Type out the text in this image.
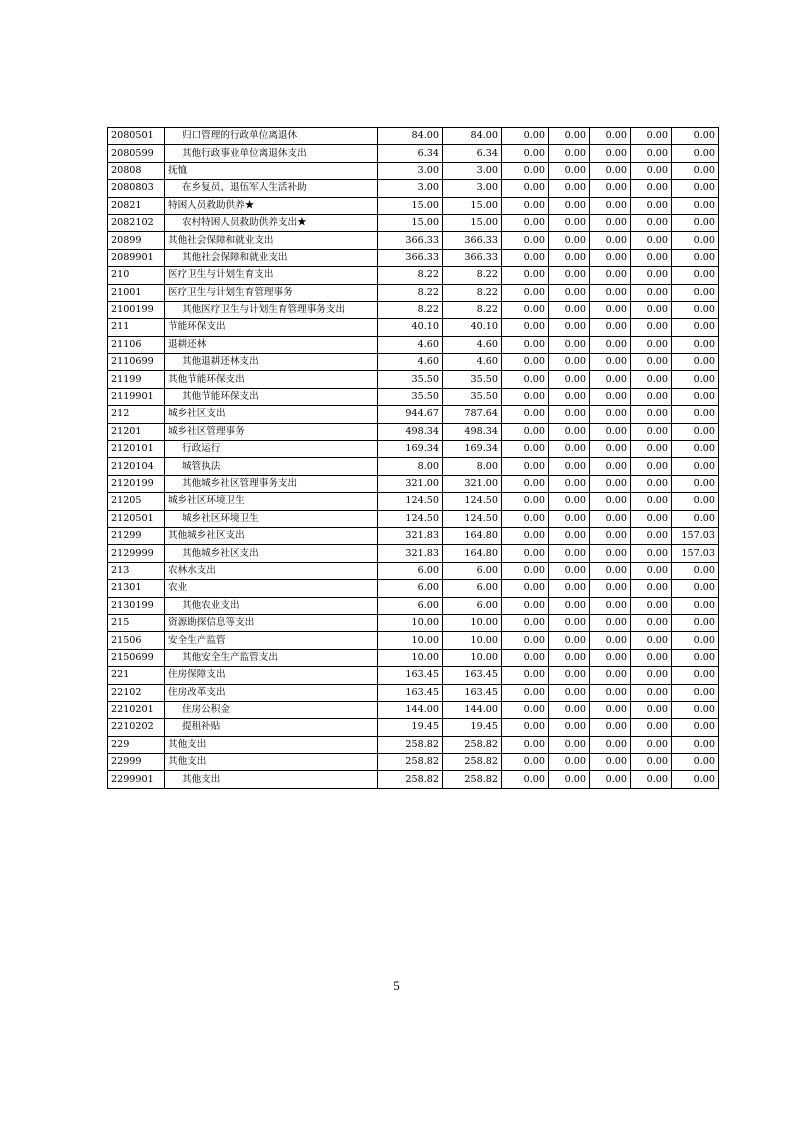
2080501	归口管理的行政单位离退休	84.00	84.00	0.00	0.00	0.00	0.00	0.00
2080599	其他行政事业单位离退休支出	6.34	6.34	0.00	0.00	0.00	0.00	0.00
20808	抚恤	3.00	3.00	0.00	0.00	0.00	0.00	0.00
2080803	在乡复员、退伍军人生活补助	3.00	3.00	0.00	0.00	0.00	0.00	0.00
20821	特困人员救助供养★	15.00	15.00	0.00	0.00	0.00	0.00	0.00
2082102	农村特困人员救助供养支出★	15.00	15.00	0.00	0.00	0.00	0.00	0.00
20899	其他社会保障和就业支出	366.33	366.33	0.00	0.00	0.00	0.00	0.00
2089901	其他社会保障和就业支出	366.33	366.33	0.00	0.00	0.00	0.00	0.00
210	医疗卫生与计划生育支出	8.22	8.22	0.00	0.00	0.00	0.00	0.00
21001	医疗卫生与计划生育管理事务	8.22	8.22	0.00	0.00	0.00	0.00	0.00
2100199	其他医疗卫生与计划生育管理事务支出	8.22	8.22	0.00	0.00	0.00	0.00	0.00
211	节能环保支出	40.10	40.10	0.00	0.00	0.00	0.00	0.00
21106	退耕还林	4.60	4.60	0.00	0.00	0.00	0.00	0.00
2110699	其他退耕还林支出	4.60	4.60	0.00	0.00	0.00	0.00	0.00
21199	其他节能环保支出	35.50	35.50	0.00	0.00	0.00	0.00	0.00
2119901	其他节能环保支出	35.50	35.50	0.00	0.00	0.00	0.00	0.00
212	城乡社区支出	944.67	787.64	0.00	0.00	0.00	0.00	0.00
21201	城乡社区管理事务	498.34	498.34	0.00	0.00	0.00	0.00	0.00
2120101	行政运行	169.34	169.34	0.00	0.00	0.00	0.00	0.00
2120104	城管执法	8.00	8.00	0.00	0.00	0.00	0.00	0.00
2120199	其他城乡社区管理事务支出	321.00	321.00	0.00	0.00	0.00	0.00	0.00
21205	城乡社区环境卫生	124.50	124.50	0.00	0.00	0.00	0.00	0.00
2120501	城乡社区环境卫生	124.50	124.50	0.00	0.00	0.00	0.00	0.00
21299	其他城乡社区支出	321.83	164.80	0.00	0.00	0.00	0.00	157.03
2129999	其他城乡社区支出	321.83	164.80	0.00	0.00	0.00	0.00	157.03
213	农林水支出	6.00	6.00	0.00	0.00	0.00	0.00	0.00
21301	农业	6.00	6.00	0.00	0.00	0.00	0.00	0.00
2130199	其他农业支出	6.00	6.00	0.00	0.00	0.00	0.00	0.00
215	资源勘探信息等支出	10.00	10.00	0.00	0.00	0.00	0.00	0.00
21506	安全生产监管	10.00	10.00	0.00	0.00	0.00	0.00	0.00
2150699	其他安全生产监管支出	10.00	10.00	0.00	0.00	0.00	0.00	0.00
221	住房保障支出	163.45	163.45	0.00	0.00	0.00	0.00	0.00
22102	住房改革支出	163.45	163.45	0.00	0.00	0.00	0.00	0.00
2210201	住房公积金	144.00	144.00	0.00	0.00	0.00	0.00	0.00
2210202	提租补贴	19.45	19.45	0.00	0.00	0.00	0.00	0.00
229	其他支出	258.82	258.82	0.00	0.00	0.00	0.00	0.00
22999	其他支出	258.82	258.82	0.00	0.00	0.00	0.00	0.00
2299901	其他支出	258.82	258.82	0.00	0.00	0.00	0.00	0.00
5
